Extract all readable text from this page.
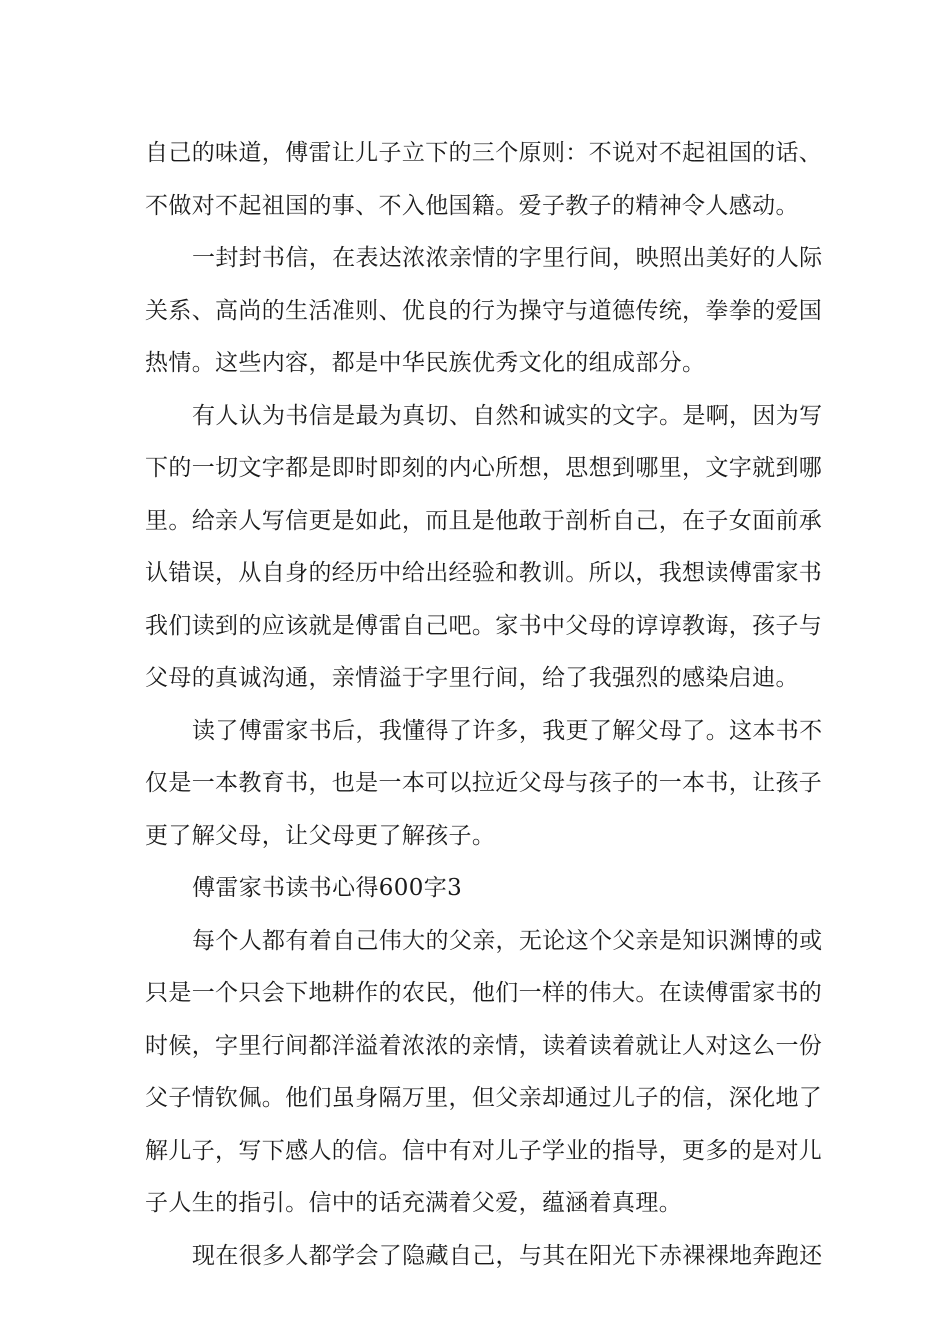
自己的味道，傅雷让儿子立下的三个原则：不说对不起祖国的话、
不做对不起祖国的事、不入他国籍。爱子教子的精神令人感动。
一封封书信，在表达浓浓亲情的字里行间，映照出美好的人际
关系、高尚的生活准则、优良的行为操守与道德传统，拳拳的爱国
热情。这些内容，都是中华民族优秀文化的组成部分。
有人认为书信是最为真切、自然和诚实的文字。是啊，因为写
下的一切文字都是即时即刻的内心所想，思想到哪里，文字就到哪
里。给亲人写信更是如此，而且是他敢于剖析自己，在子女面前承
认错误，从自身的经历中给出经验和教训。所以，我想读傅雷家书
我们读到的应该就是傅雷自己吧。家书中父母的谆谆教诲，孩子与
父母的真诚沟通，亲情溢于字里行间，给了我强烈的感染启迪。
读了傅雷家书后，我懂得了许多，我更了解父母了。这本书不
仅是一本教育书，也是一本可以拉近父母与孩子的一本书，让孩子
更了解父母，让父母更了解孩子。
傅雷家书读书心得600字3
每个人都有着自己伟大的父亲，无论这个父亲是知识渊博的或
只是一个只会下地耕作的农民，他们一样的伟大。在读傅雷家书的
时候，字里行间都洋溢着浓浓的亲情，读着读着就让人对这么一份
父子情钦佩。他们虽身隔万里，但父亲却通过儿子的信，深化地了
解儿子，写下感人的信。信中有对儿子学业的指导，更多的是对儿
子人生的指引。信中的话充满着父爱，蕴涵着真理。
现在很多人都学会了隐藏自己，与其在阳光下赤裸裸地奔跑还
